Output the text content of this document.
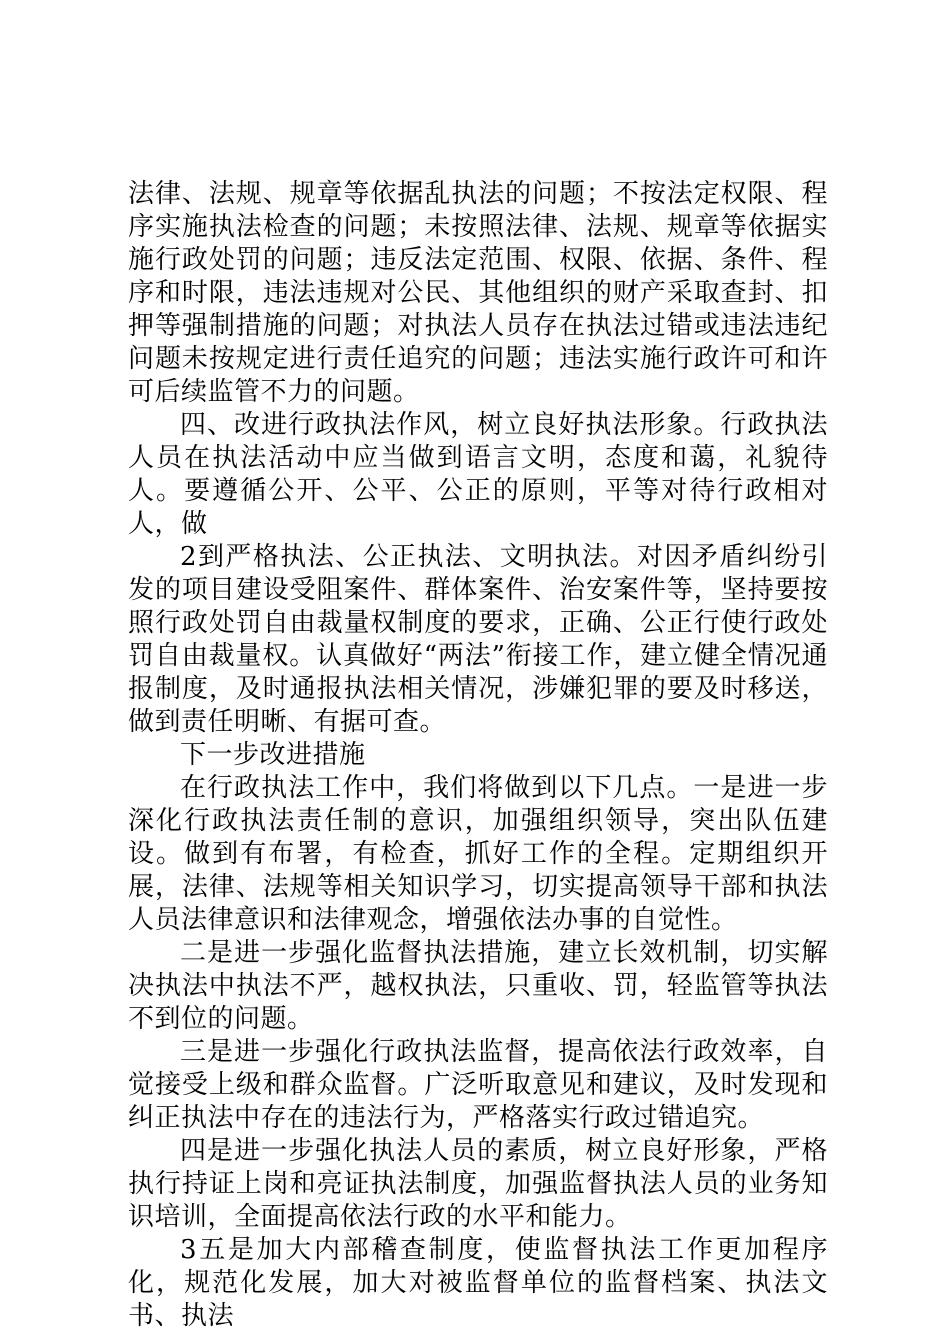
法律、法规、规章等依据乱执法的问题；不按法定权限、程序实施执法检查的问题；未按照法律、法规、规章等依据实施行政处罚的问题；违反法定范围、权限、依据、条件、程序和时限，违法违规对公民、其他组织的财产采取查封、扣押等强制措施的问题；对执法人员存在执法过错或违法违纪问题未按规定进行责任追究的问题；违法实施行政许可和许可后续监管不力的问题。

四、改进行政执法作风，树立良好执法形象。行政执法人员在执法活动中应当做到语言文明，态度和蔼，礼貌待人。要遵循公开、公平、公正的原则，平等对待行政相对人，做

2到严格执法、公正执法、文明执法。对因矛盾纠纷引发的项目建设受阻案件、群体案件、治安案件等，坚持要按照行政处罚自由裁量权制度的要求，正确、公正行使行政处罚自由裁量权。认真做好“两法”衔接工作，建立健全情况通报制度，及时通报执法相关情况，涉嫌犯罪的要及时移送，做到责任明晰、有据可查。

下一步改进措施

在行政执法工作中，我们将做到以下几点。一是进一步深化行政执法责任制的意识，加强组织领导，突出队伍建设。做到有布署，有检查，抓好工作的全程。定期组织开展，法律、法规等相关知识学习，切实提高领导干部和执法人员法律意识和法律观念，增强依法办事的自觉性。

二是进一步强化监督执法措施，建立长效机制，切实解决执法中执法不严，越权执法，只重收、罚，轻监管等执法不到位的问题。

三是进一步强化行政执法监督，提高依法行政效率，自觉接受上级和群众监督。广泛听取意见和建议，及时发现和纠正执法中存在的违法行为，严格落实行政过错追究。

四是进一步强化执法人员的素质，树立良好形象，严格执行持证上岗和亮证执法制度，加强监督执法人员的业务知识培训，全面提高依法行政的水平和能力。

3五是加大内部稽查制度，使监督执法工作更加程序化，规范化发展，加大对被监督单位的监督档案、执法文书、执法
